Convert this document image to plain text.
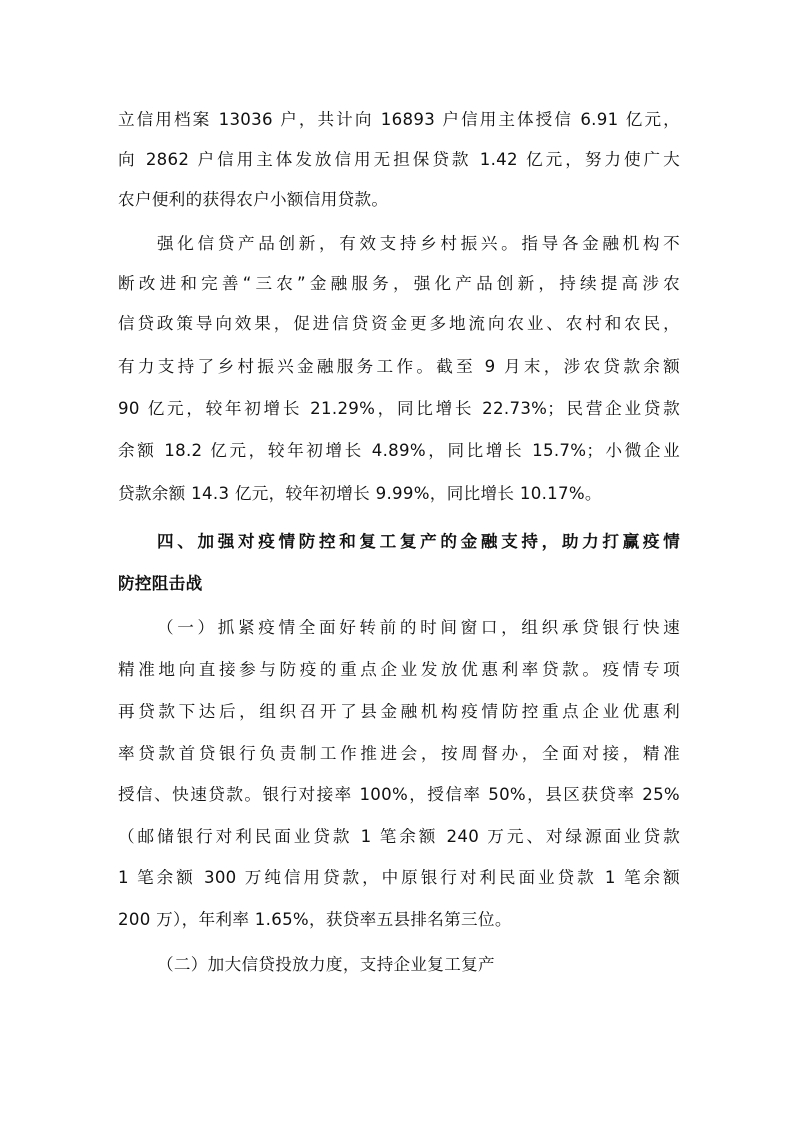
立信用档案 13036 户，共计向 16893 户信用主体授信 6.91 亿元，
向 2862 户信用主体发放信用无担保贷款 1.42 亿元，努力使广大
农户便利的获得农户小额信用贷款。
强化信贷产品创新，有效支持乡村振兴。指导各金融机构不
断改进和完善“三农”金融服务，强化产品创新，持续提高涉农
信贷政策导向效果，促进信贷资金更多地流向农业、农村和农民，
有力支持了乡村振兴金融服务工作。截至 9 月末，涉农贷款余额
90 亿元，较年初增长 21.29%，同比增长 22.73%；民营企业贷款
余额 18.2 亿元，较年初增长 4.89%，同比增长 15.7%；小微企业
贷款余额 14.3 亿元，较年初增长 9.99%，同比增长 10.17%。
四、加强对疫情防控和复工复产的金融支持，助力打赢疫情
防控阻击战
（一）抓紧疫情全面好转前的时间窗口，组织承贷银行快速
精准地向直接参与防疫的重点企业发放优惠利率贷款。疫情专项
再贷款下达后，组织召开了县金融机构疫情防控重点企业优惠利
率贷款首贷银行负责制工作推进会，按周督办，全面对接，精准
授信、快速贷款。银行对接率 100%，授信率 50%，县区获贷率 25%
（邮储银行对利民面业贷款 1 笔余额 240 万元、对绿源面业贷款
1 笔余额 300 万纯信用贷款，中原银行对利民面业贷款 1 笔余额
200 万），年利率 1.65%，获贷率五县排名第三位。
（二）加大信贷投放力度，支持企业复工复产
